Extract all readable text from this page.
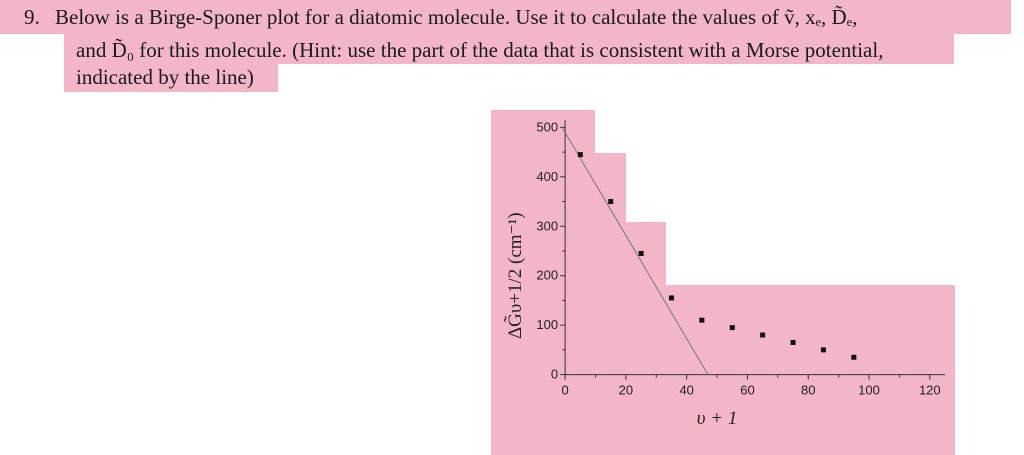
9. Below is a Birge-Sponer plot for a diatomic molecule. Use it to calculate the values of ṽ, xₑ, D̃ₑ,
and D̃₀ for this molecule. (Hint: use the part of the data that is consistent with a Morse potential,
indicated by the line)
0
100
200
300
400
500
0	20	40	60	80	100	120
υ + 1
ΔG̃υ+1/2 (cm⁻¹)
